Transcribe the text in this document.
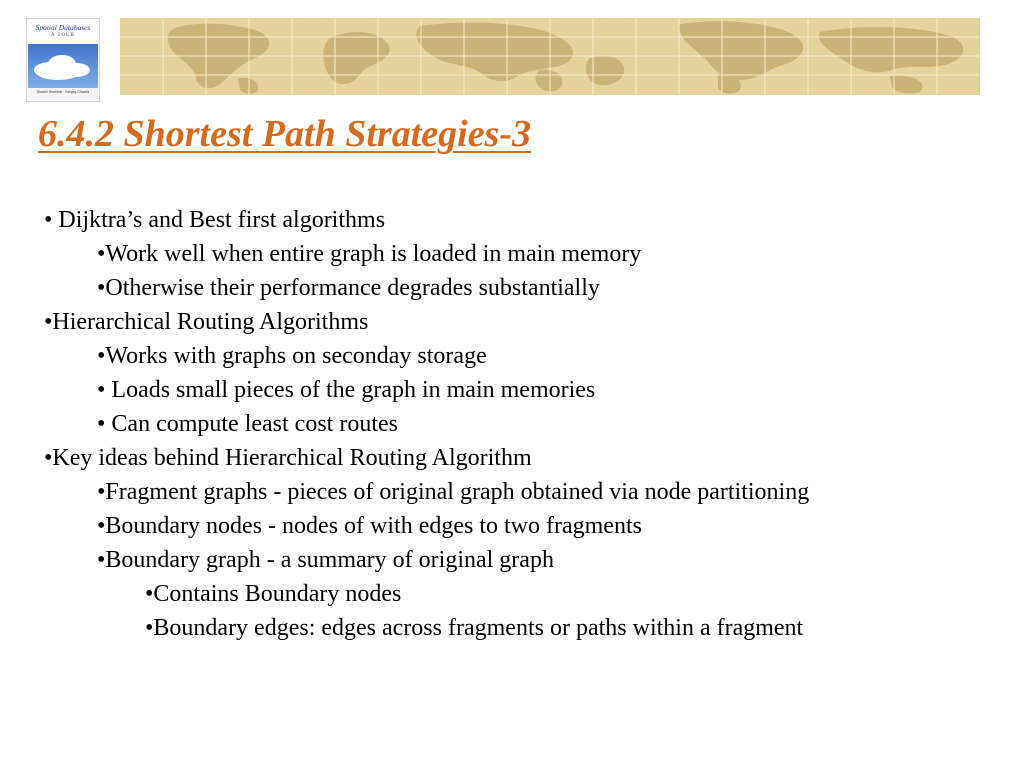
Spatial Databases
A TOUR
Shashi Shekhar · Sanjay Chawla
6.4.2 Shortest Path Strategies-3
• Dijktra’s and Best first algorithms
•Work well when entire graph is loaded in main memory
•Otherwise their performance degrades substantially
•Hierarchical Routing Algorithms
•Works with graphs on seconday storage
• Loads small pieces of the graph in main memories
• Can compute least cost routes
•Key ideas behind Hierarchical Routing Algorithm
•Fragment graphs - pieces of original graph obtained via node partitioning
•Boundary nodes - nodes of with edges to two fragments
•Boundary graph - a summary of original graph
•Contains Boundary nodes
•Boundary edges: edges across fragments or paths within a fragment
